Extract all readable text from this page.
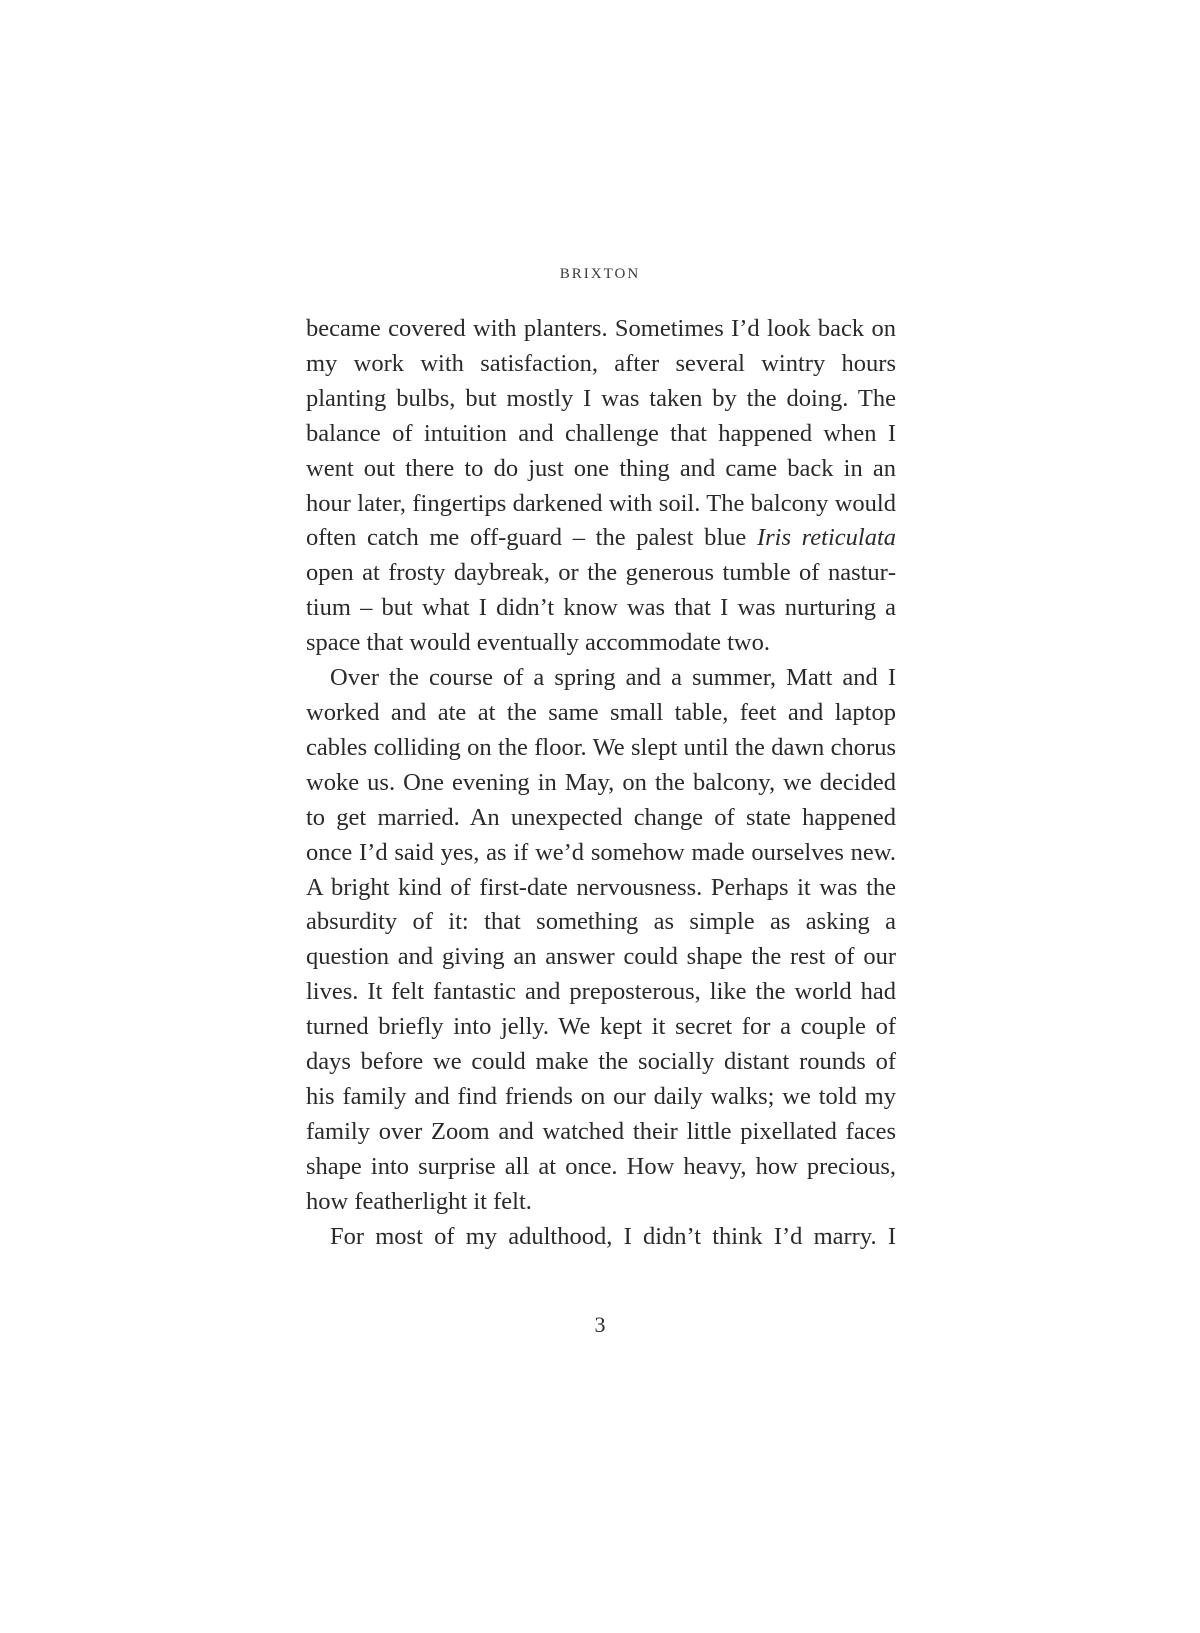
BRIXTON

became covered with planters. Sometimes I’d look back on my work with satisfaction, after several wintry hours planting bulbs, but mostly I was taken by the doing. The balance of intuition and challenge that happened when I went out there to do just one thing and came back in an hour later, fingertips darkened with soil. The balcony would often catch me off-guard – the palest blue Iris reticulata open at frosty daybreak, or the generous tumble of nasturtium – but what I didn’t know was that I was nurturing a space that would eventually accommodate two.

Over the course of a spring and a summer, Matt and I worked and ate at the same small table, feet and laptop cables colliding on the floor. We slept until the dawn chorus woke us. One evening in May, on the balcony, we decided to get married. An unexpected change of state happened once I’d said yes, as if we’d somehow made ourselves new. A bright kind of first-date nervousness. Perhaps it was the absurdity of it: that something as simple as asking a question and giving an answer could shape the rest of our lives. It felt fantastic and preposterous, like the world had turned briefly into jelly. We kept it secret for a couple of days before we could make the socially distant rounds of his family and find friends on our daily walks; we told my family over Zoom and watched their little pixellated faces shape into surprise all at once. How heavy, how precious, how featherlight it felt.

For most of my adulthood, I didn’t think I’d marry. I

3
